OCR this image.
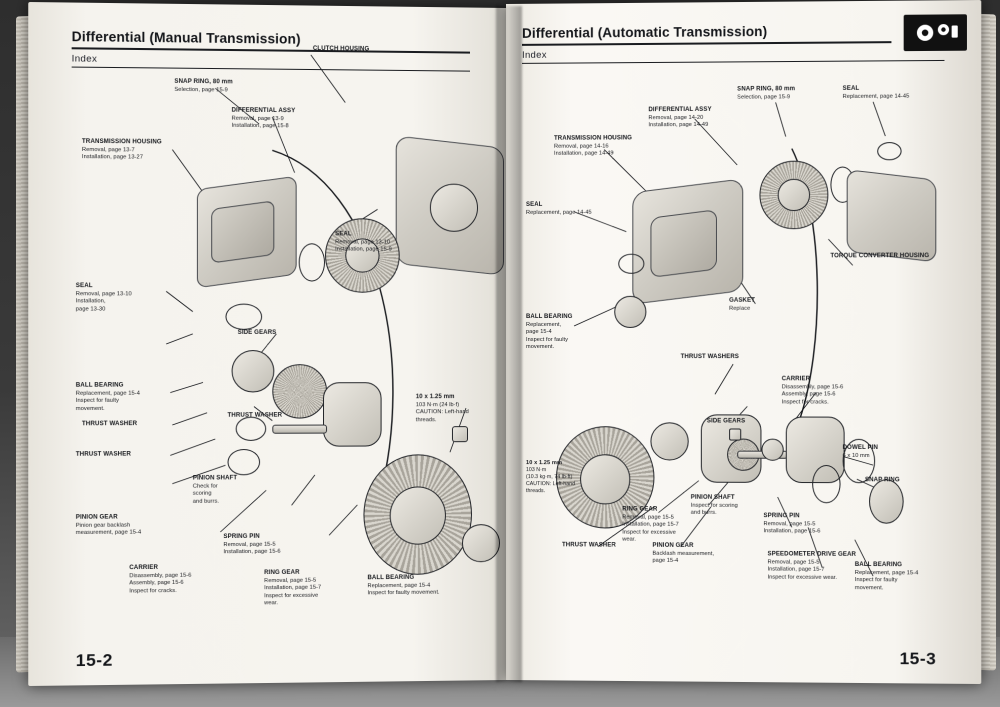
Differential (Manual Transmission)
Index
CLUTCH HOUSING
SNAP RING, 80 mm
Selection, page 15-9
DIFFERENTIAL ASSY
Removal, page 13-9
Installation, page 15-8
TRANSMISSION HOUSING
Removal, page 13-7
Installation, page 13-27
SEAL
Removal, page 13-10
Installation, page 15-9
SEAL
Removal, page 13-10
Installation,
page 13-30
SIDE GEARS
BALL BEARING
Replacement, page 15-4
Inspect for faulty
movement.
THRUST WASHER
THRUST WASHER
THRUST WASHER
PINION SHAFT
Check for
scoring
and burrs.
PINION GEAR
Pinion gear backlash
measurement, page 15-4
CARRIER
Disassembly, page 15-6
Assembly, page 15-6
Inspect for cracks.
SPRING PIN
Removal, page 15-5
Installation, page 15-6
RING GEAR
Removal, page 15-5
Installation, page 15-7
Inspect for excessive
wear.
BALL BEARING
Replacement, page 15-4
Inspect for faulty movement.
10 x 1.25 mm
103 N·m (24 lb·f)
CAUTION: Left-hand
threads.
15-2
Differential (Automatic Transmission)
Index
SNAP RING, 80 mm
Selection, page 15-9
SEAL
Replacement, page 14-45
DIFFERENTIAL ASSY
Removal, page 14-20
Installation, page 14-49
TRANSMISSION HOUSING
Removal, page 14-16
Installation, page 14-49
SEAL
Replacement, page 14-45
TORQUE CONVERTER HOUSING
GASKET
Replace
BALL BEARING
Replacement,
page 15-4
Inspect for faulty
movement.
THRUST WASHERS
SIDE GEARS
CARRIER
Disassembly, page 15-6
Assembly, page 15-6
Inspect for cracks.
DOWEL PIN
6 x 10 mm
SNAP RING
10 x 1.25 mm
103 N·m
(10.3 kg·m, 74 lb·ft)
CAUTION: Left-hand
threads.
RING GEAR
Removal, page 15-5
Installation, page 15-7
Inspect for excessive
wear.
PINION SHAFT
Inspect for scoring
and burrs.
THRUST WASHER	PINION GEAR
Backlash measurement,
page 15-4
SPRING PIN
Removal, page 15-5
Installation, page 15-6
SPEEDOMETER DRIVE GEAR
Removal, page 15-5
Installation, page 15-7
Inspect for excessive wear.
BALL BEARING
Replacement, page 15-4
Inspect for faulty
movement.
15-3
